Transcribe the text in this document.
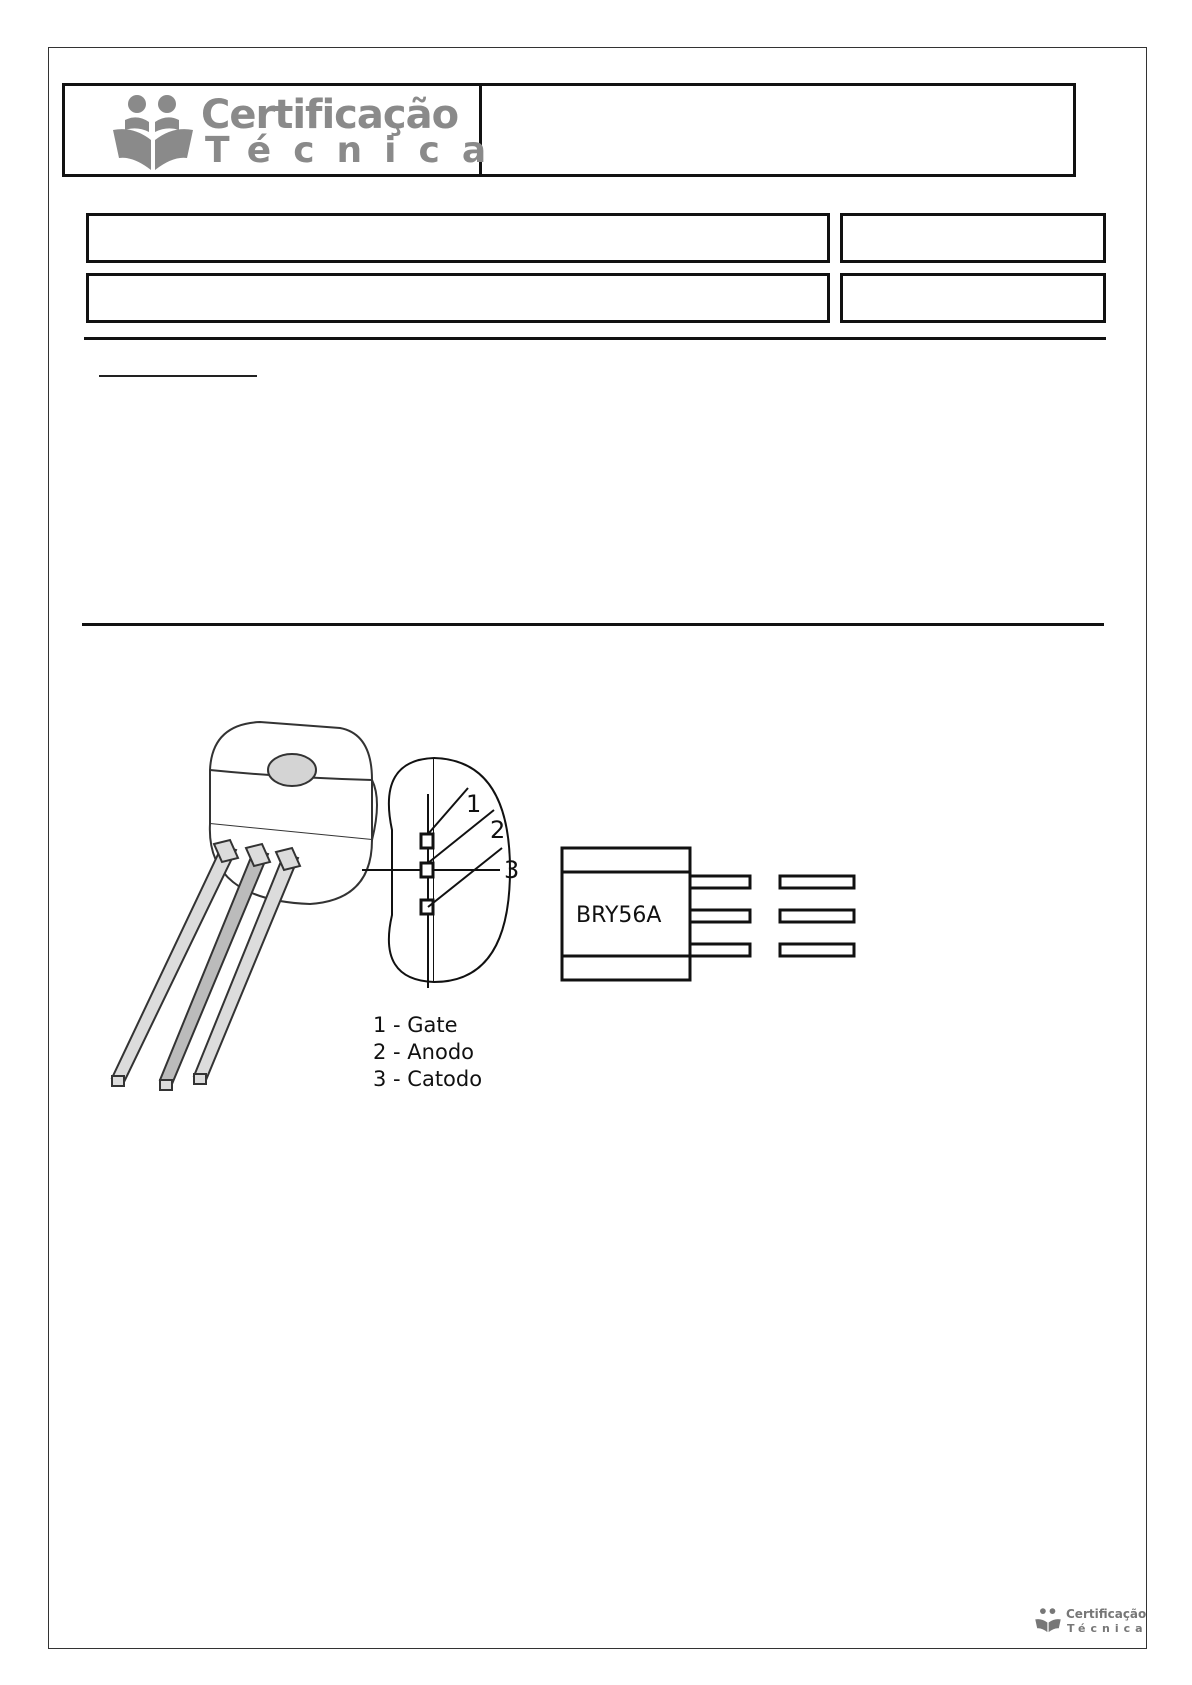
Certificação
Técnica
1
2
3
BRY56A
1 - Gate
2 - Anodo
3 - Catodo
Certificação
Técnica
